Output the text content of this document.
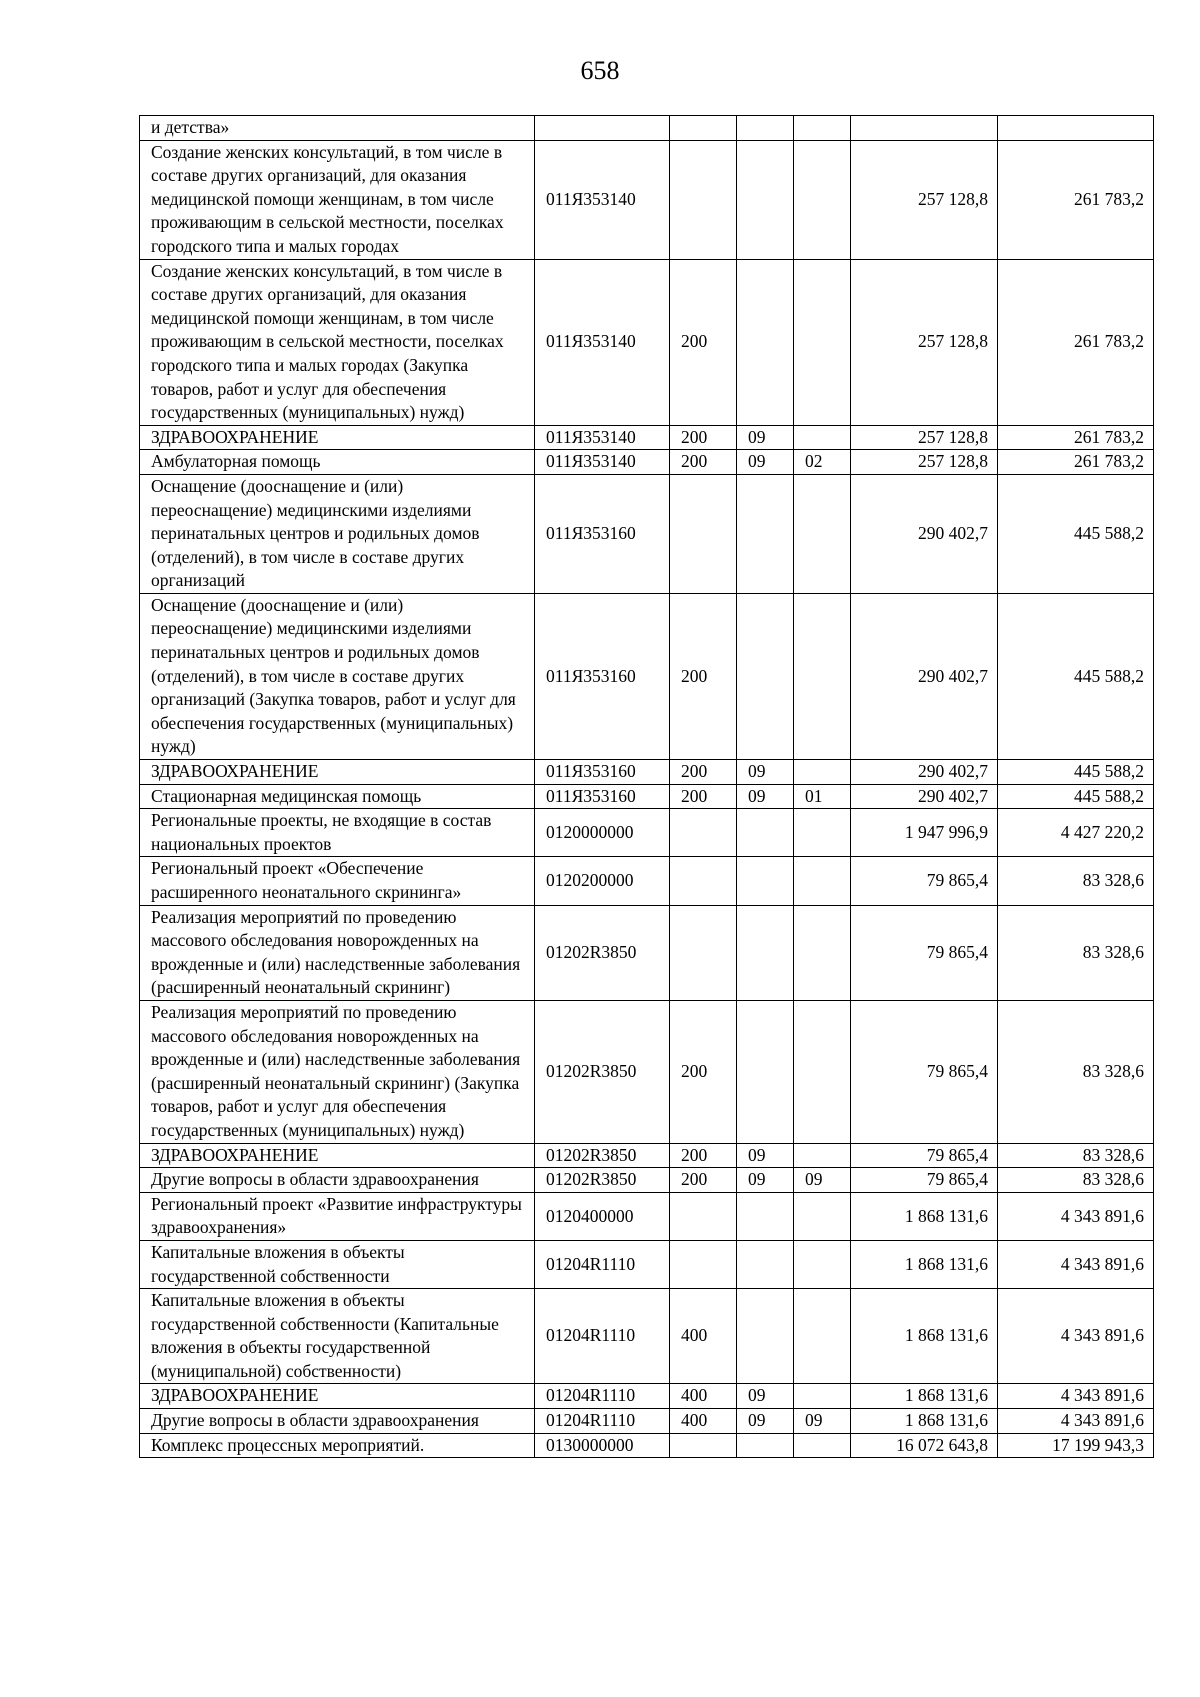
658
и детства»						
Создание женских консультаций, в том числе в составе других организаций, для оказания медицинской помощи женщинам, в том числе проживающим в сельской местности, поселках городского типа и малых городах	011Я353140				257 128,8	261 783,2
Создание женских консультаций, в том числе в составе других организаций, для оказания медицинской помощи женщинам, в том числе проживающим в сельской местности, поселках городского типа и малых городах (Закупка товаров, работ и услуг для обеспечения государственных (муниципальных) нужд)	011Я353140	200			257 128,8	261 783,2
ЗДРАВООХРАНЕНИЕ	011Я353140	200	09		257 128,8	261 783,2
Амбулаторная помощь	011Я353140	200	09	02	257 128,8	261 783,2
Оснащение (дооснащение и (или) переоснащение) медицинскими изделиями перинатальных центров и родильных домов (отделений), в том числе в составе других организаций	011Я353160				290 402,7	445 588,2
Оснащение (дооснащение и (или) переоснащение) медицинскими изделиями перинатальных центров и родильных домов (отделений), в том числе в составе других организаций (Закупка товаров, работ и услуг для обеспечения государственных (муниципальных) нужд)	011Я353160	200			290 402,7	445 588,2
ЗДРАВООХРАНЕНИЕ	011Я353160	200	09		290 402,7	445 588,2
Стационарная медицинская помощь	011Я353160	200	09	01	290 402,7	445 588,2
Региональные проекты, не входящие в состав национальных проектов	0120000000				1 947 996,9	4 427 220,2
Региональный проект «Обеспечение расширенного неонатального скрининга»	0120200000				79 865,4	83 328,6
Реализация мероприятий по проведению массового обследования новорожденных на врожденные и (или) наследственные заболевания (расширенный неонатальный скрининг)	01202R3850				79 865,4	83 328,6
Реализация мероприятий по проведению массового обследования новорожденных на врожденные и (или) наследственные заболевания (расширенный неонатальный скрининг) (Закупка товаров, работ и услуг для обеспечения государственных (муниципальных) нужд)	01202R3850	200			79 865,4	83 328,6
ЗДРАВООХРАНЕНИЕ	01202R3850	200	09		79 865,4	83 328,6
Другие вопросы в области здравоохранения	01202R3850	200	09	09	79 865,4	83 328,6
Региональный проект «Развитие инфраструктуры здравоохранения»	0120400000				1 868 131,6	4 343 891,6
Капитальные вложения в объекты государственной собственности	01204R1110				1 868 131,6	4 343 891,6
Капитальные вложения в объекты государственной собственности (Капитальные вложения в объекты государственной (муниципальной) собственности)	01204R1110	400			1 868 131,6	4 343 891,6
ЗДРАВООХРАНЕНИЕ	01204R1110	400	09		1 868 131,6	4 343 891,6
Другие вопросы в области здравоохранения	01204R1110	400	09	09	1 868 131,6	4 343 891,6
Комплекс процессных мероприятий.	0130000000				16 072 643,8	17 199 943,3
